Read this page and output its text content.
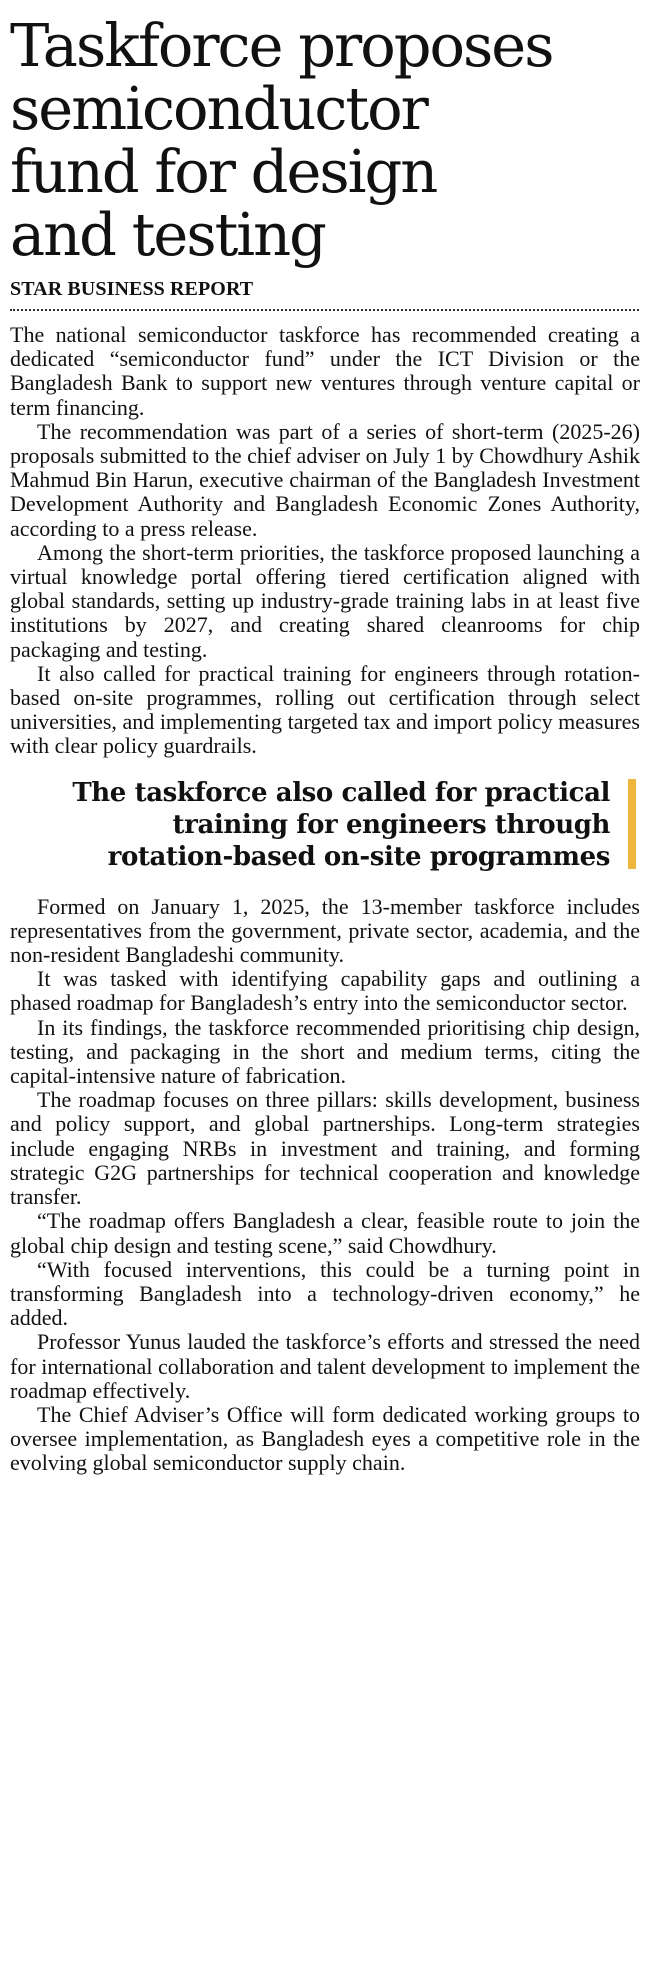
Taskforce proposes
semiconductor
fund for design
and testing
STAR BUSINESS REPORT

The national semiconductor taskforce has recommended creating a dedicated “semiconductor fund” under the ICT Division or the Bangladesh Bank to support new ventures through venture capital or term financing.

The recommendation was part of a series of short-term (2025-26) proposals submitted to the chief adviser on July 1 by Chowdhury Ashik Mahmud Bin Harun, executive chairman of the Bangladesh Investment Development Authority and Bangladesh Economic Zones Authority, according to a press release.

Among the short-term priorities, the taskforce proposed launching a virtual knowledge portal offering tiered certification aligned with global standards, setting up industry-grade training labs in at least five institutions by 2027, and creating shared cleanrooms for chip packaging and testing.

It also called for practical training for engineers through rotation-based on-site programmes, rolling out certification through select universities, and implementing targeted tax and import policy measures with clear policy guardrails.

The taskforce also called for practical
training for engineers through
rotation-based on-site programmes

Formed on January 1, 2025, the 13-member taskforce includes representatives from the government, private sector, academia, and the non-resident Bangladeshi community.

It was tasked with identifying capability gaps and outlining a phased roadmap for Bangladesh’s entry into the semiconductor sector.

In its findings, the taskforce recommended prioritising chip design, testing, and packaging in the short and medium terms, citing the capital-intensive nature of fabrication.

The roadmap focuses on three pillars: skills development, business and policy support, and global partnerships. Long-term strategies include engaging NRBs in investment and training, and forming strategic G2G partnerships for technical cooperation and knowledge transfer.

“The roadmap offers Bangladesh a clear, feasible route to join the global chip design and testing scene,” said Chowdhury.

“With focused interventions, this could be a turning point in transforming Bangladesh into a technology-driven economy,” he added.

Professor Yunus lauded the taskforce’s efforts and stressed the need for international collaboration and talent development to implement the roadmap effectively.

The Chief Adviser’s Office will form dedicated working groups to oversee implementation, as Bangladesh eyes a competitive role in the evolving global semiconductor supply chain.
